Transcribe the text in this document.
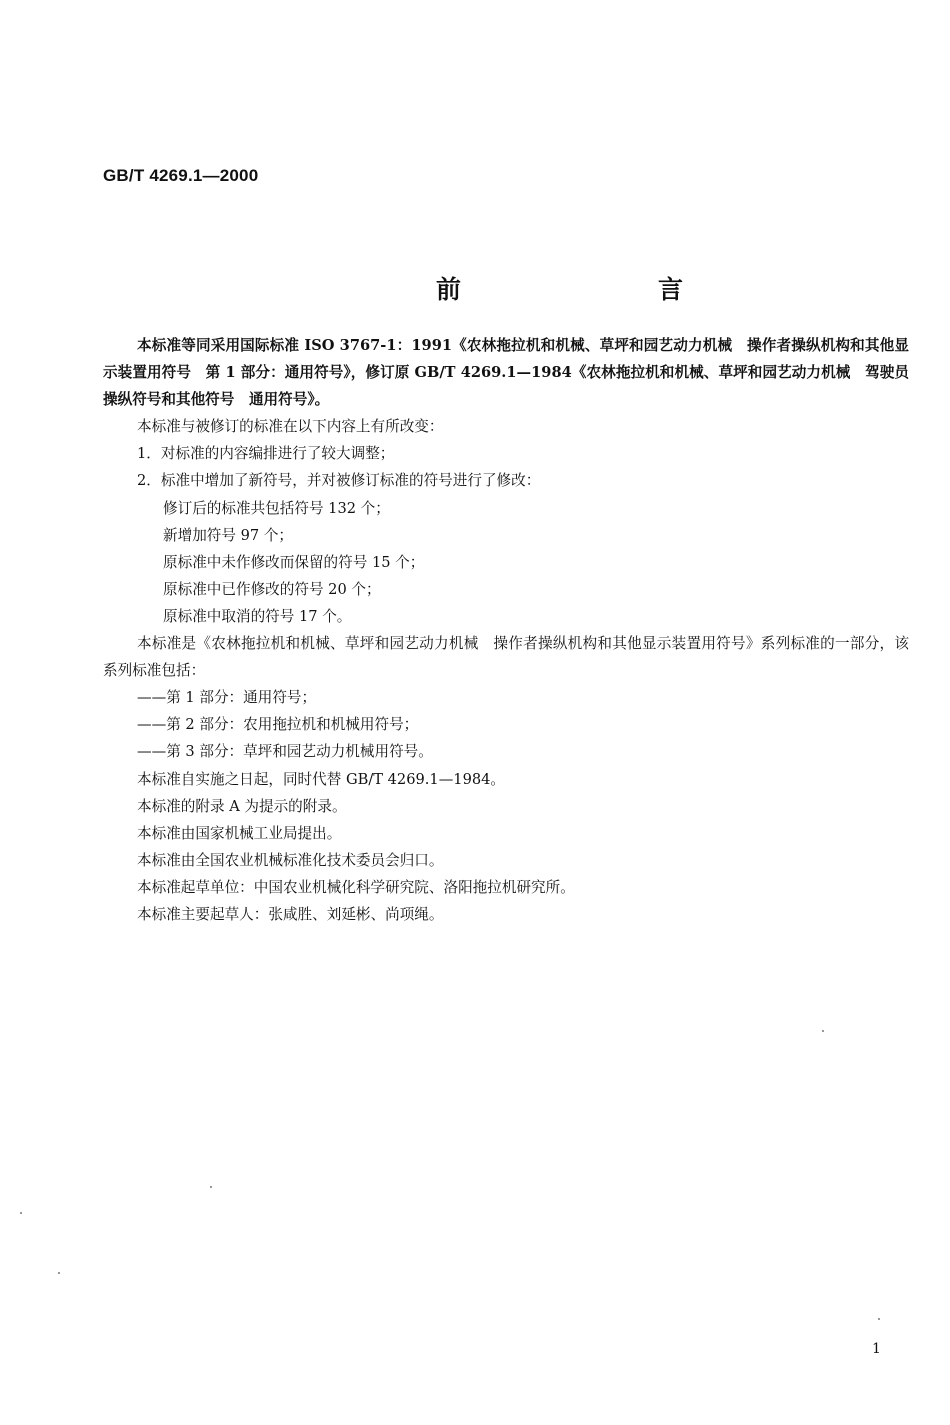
GB/T 4269.1—2000
前　言

本标准等同采用国际标准 ISO 3767-1：1991《农林拖拉机和机械、草坪和园艺动力机械　操作者操纵机构和其他显示装置用符号　第 1 部分：通用符号》，修订原 GB/T 4269.1—1984《农林拖拉机和机械、草坪和园艺动力机械　驾驶员操纵符号和其他符号　通用符号》。

本标准与被修订的标准在以下内容上有所改变：

1．对标准的内容编排进行了较大调整；

2．标准中增加了新符号，并对被修订标准的符号进行了修改：

修订后的标准共包括符号 132 个；

新增加符号 97 个；

原标准中未作修改而保留的符号 15 个；

原标准中已作修改的符号 20 个；

原标准中取消的符号 17 个。

本标准是《农林拖拉机和机械、草坪和园艺动力机械　操作者操纵机构和其他显示装置用符号》系列标准的一部分，该系列标准包括：

——第 1 部分：通用符号；

——第 2 部分：农用拖拉机和机械用符号；

——第 3 部分：草坪和园艺动力机械用符号。

本标准自实施之日起，同时代替 GB/T 4269.1—1984。

本标准的附录 A 为提示的附录。

本标准由国家机械工业局提出。

本标准由全国农业机械标准化技术委员会归口。

本标准起草单位：中国农业机械化科学研究院、洛阳拖拉机研究所。

本标准主要起草人：张咸胜、刘延彬、尚项绳。

1
